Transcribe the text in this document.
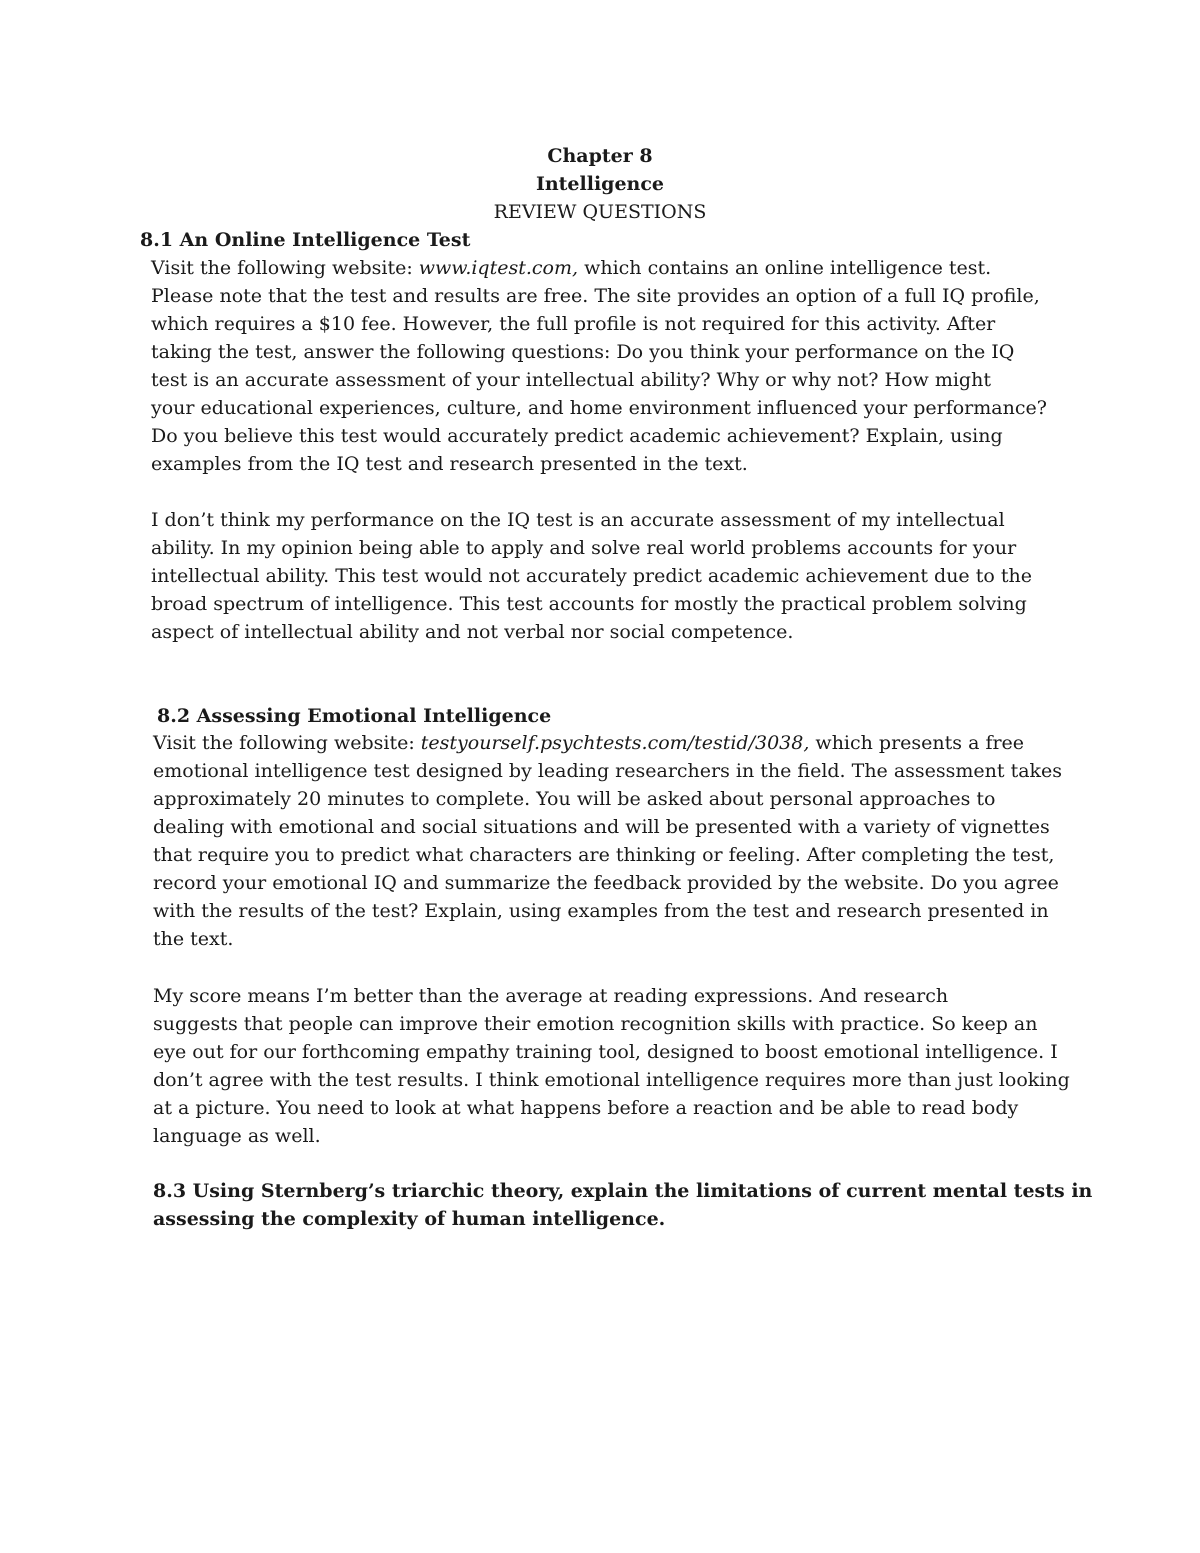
Chapter 8
Intelligence
REVIEW QUESTIONS
8.1 An Online Intelligence Test
Visit the following website: www.iqtest.com, which contains an online intelligence test.
Please note that the test and results are free. The site provides an option of a full IQ profile,
which requires a $10 fee. However, the full profile is not required for this activity. After
taking the test, answer the following questions: Do you think your performance on the IQ
test is an accurate assessment of your intellectual ability? Why or why not? How might
your educational experiences, culture, and home environment influenced your performance?
Do you believe this test would accurately predict academic achievement? Explain, using
examples from the IQ test and research presented in the text.
I don’t think my performance on the IQ test is an accurate assessment of my intellectual
ability. In my opinion being able to apply and solve real world problems accounts for your
intellectual ability. This test would not accurately predict academic achievement due to the
broad spectrum of intelligence. This test accounts for mostly the practical problem solving
aspect of intellectual ability and not verbal nor social competence.
8.2 Assessing Emotional Intelligence
Visit the following website: testyourself.psychtests.com/testid/3038, which presents a free
emotional intelligence test designed by leading researchers in the field. The assessment takes
approximately 20 minutes to complete. You will be asked about personal approaches to
dealing with emotional and social situations and will be presented with a variety of vignettes
that require you to predict what characters are thinking or feeling. After completing the test,
record your emotional IQ and summarize the feedback provided by the website. Do you agree
with the results of the test? Explain, using examples from the test and research presented in
the text.
My score means I’m better than the average at reading expressions. And research
suggests that people can improve their emotion recognition skills with practice. So keep an
eye out for our forthcoming empathy training tool, designed to boost emotional intelligence. I
don’t agree with the test results. I think emotional intelligence requires more than just looking
at a picture. You need to look at what happens before a reaction and be able to read body
language as well.
8.3 Using Sternberg’s triarchic theory, explain the limitations of current mental tests in
assessing the complexity of human intelligence.
